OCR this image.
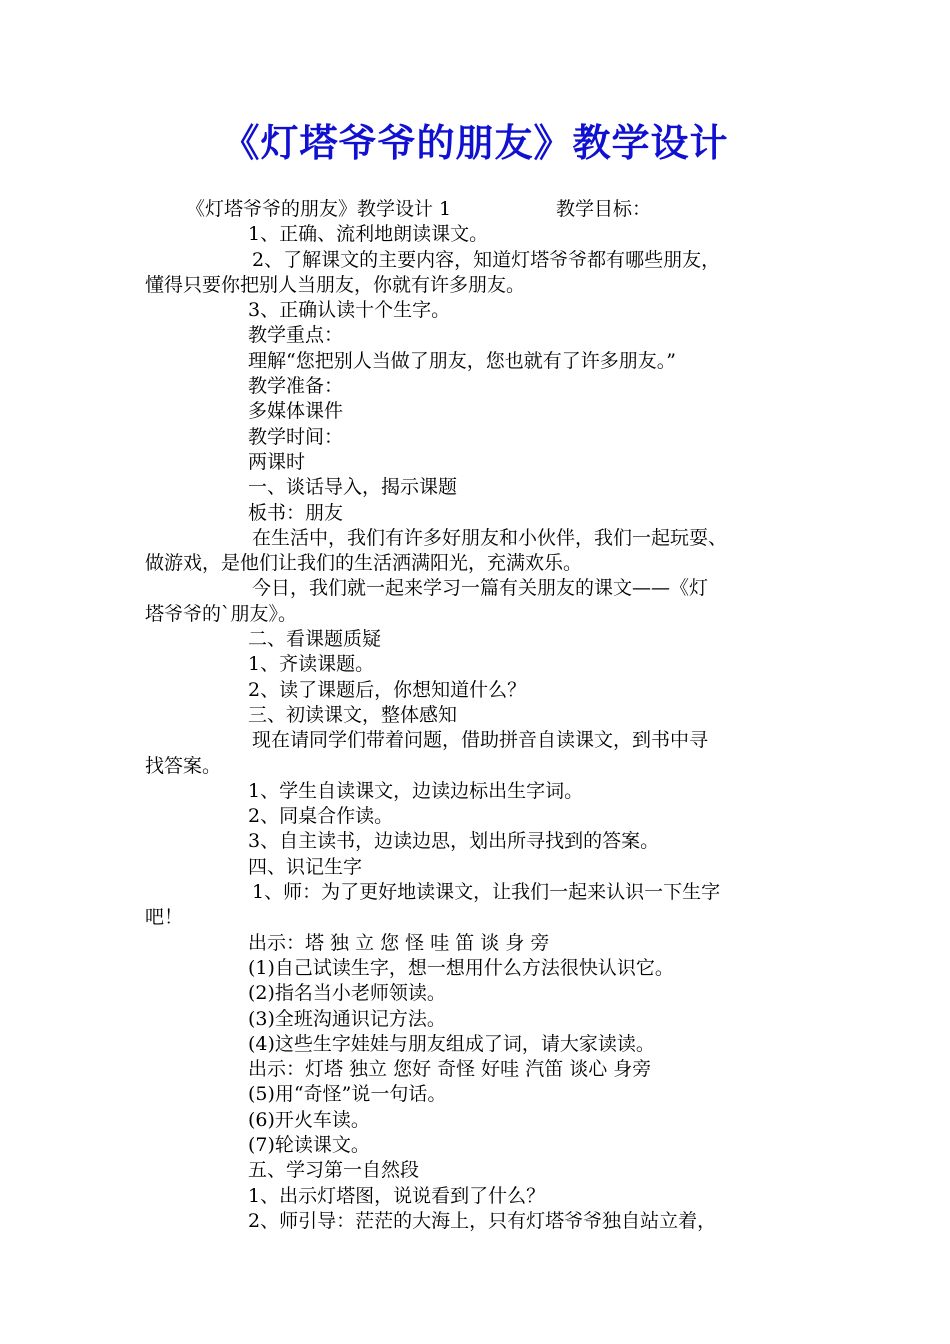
《灯塔爷爷的朋友》教学设计
《灯塔爷爷的朋友》教学设计 1	教学目标：
1、正确、流利地朗读课文。
2、了解课文的主要内容，知道灯塔爷爷都有哪些朋友，
懂得只要你把别人当朋友，你就有许多朋友。
3、正确认读十个生字。
教学重点：
理解“您把别人当做了朋友，您也就有了许多朋友。”
教学准备：
多媒体课件
教学时间：
两课时
一、谈话导入，揭示课题
板书：朋友
在生活中，我们有许多好朋友和小伙伴，我们一起玩耍、
做游戏，是他们让我们的生活洒满阳光，充满欢乐。
今日，我们就一起来学习一篇有关朋友的课文——《灯
塔爷爷的`朋友》。
二、看课题质疑
1、齐读课题。
2、读了课题后，你想知道什么？
三、初读课文，整体感知
现在请同学们带着问题，借助拼音自读课文，到书中寻
找答案。
1、学生自读课文，边读边标出生字词。
2、同桌合作读。
3、自主读书，边读边思，划出所寻找到的答案。
四、识记生字
1、师：为了更好地读课文，让我们一起来认识一下生字
吧！
出示：塔 独 立 您 怪 哇 笛 谈 身 旁
(1)自己试读生字，想一想用什么方法很快认识它。
(2)指名当小老师领读。
(3)全班沟通识记方法。
(4)这些生字娃娃与朋友组成了词，请大家读读。
出示：灯塔 独立 您好 奇怪 好哇 汽笛 谈心 身旁
(5)用“奇怪”说一句话。
(6)开火车读。
(7)轮读课文。
五、学习第一自然段
1、出示灯塔图，说说看到了什么？
2、师引导：茫茫的大海上，只有灯塔爷爷独自站立着，
